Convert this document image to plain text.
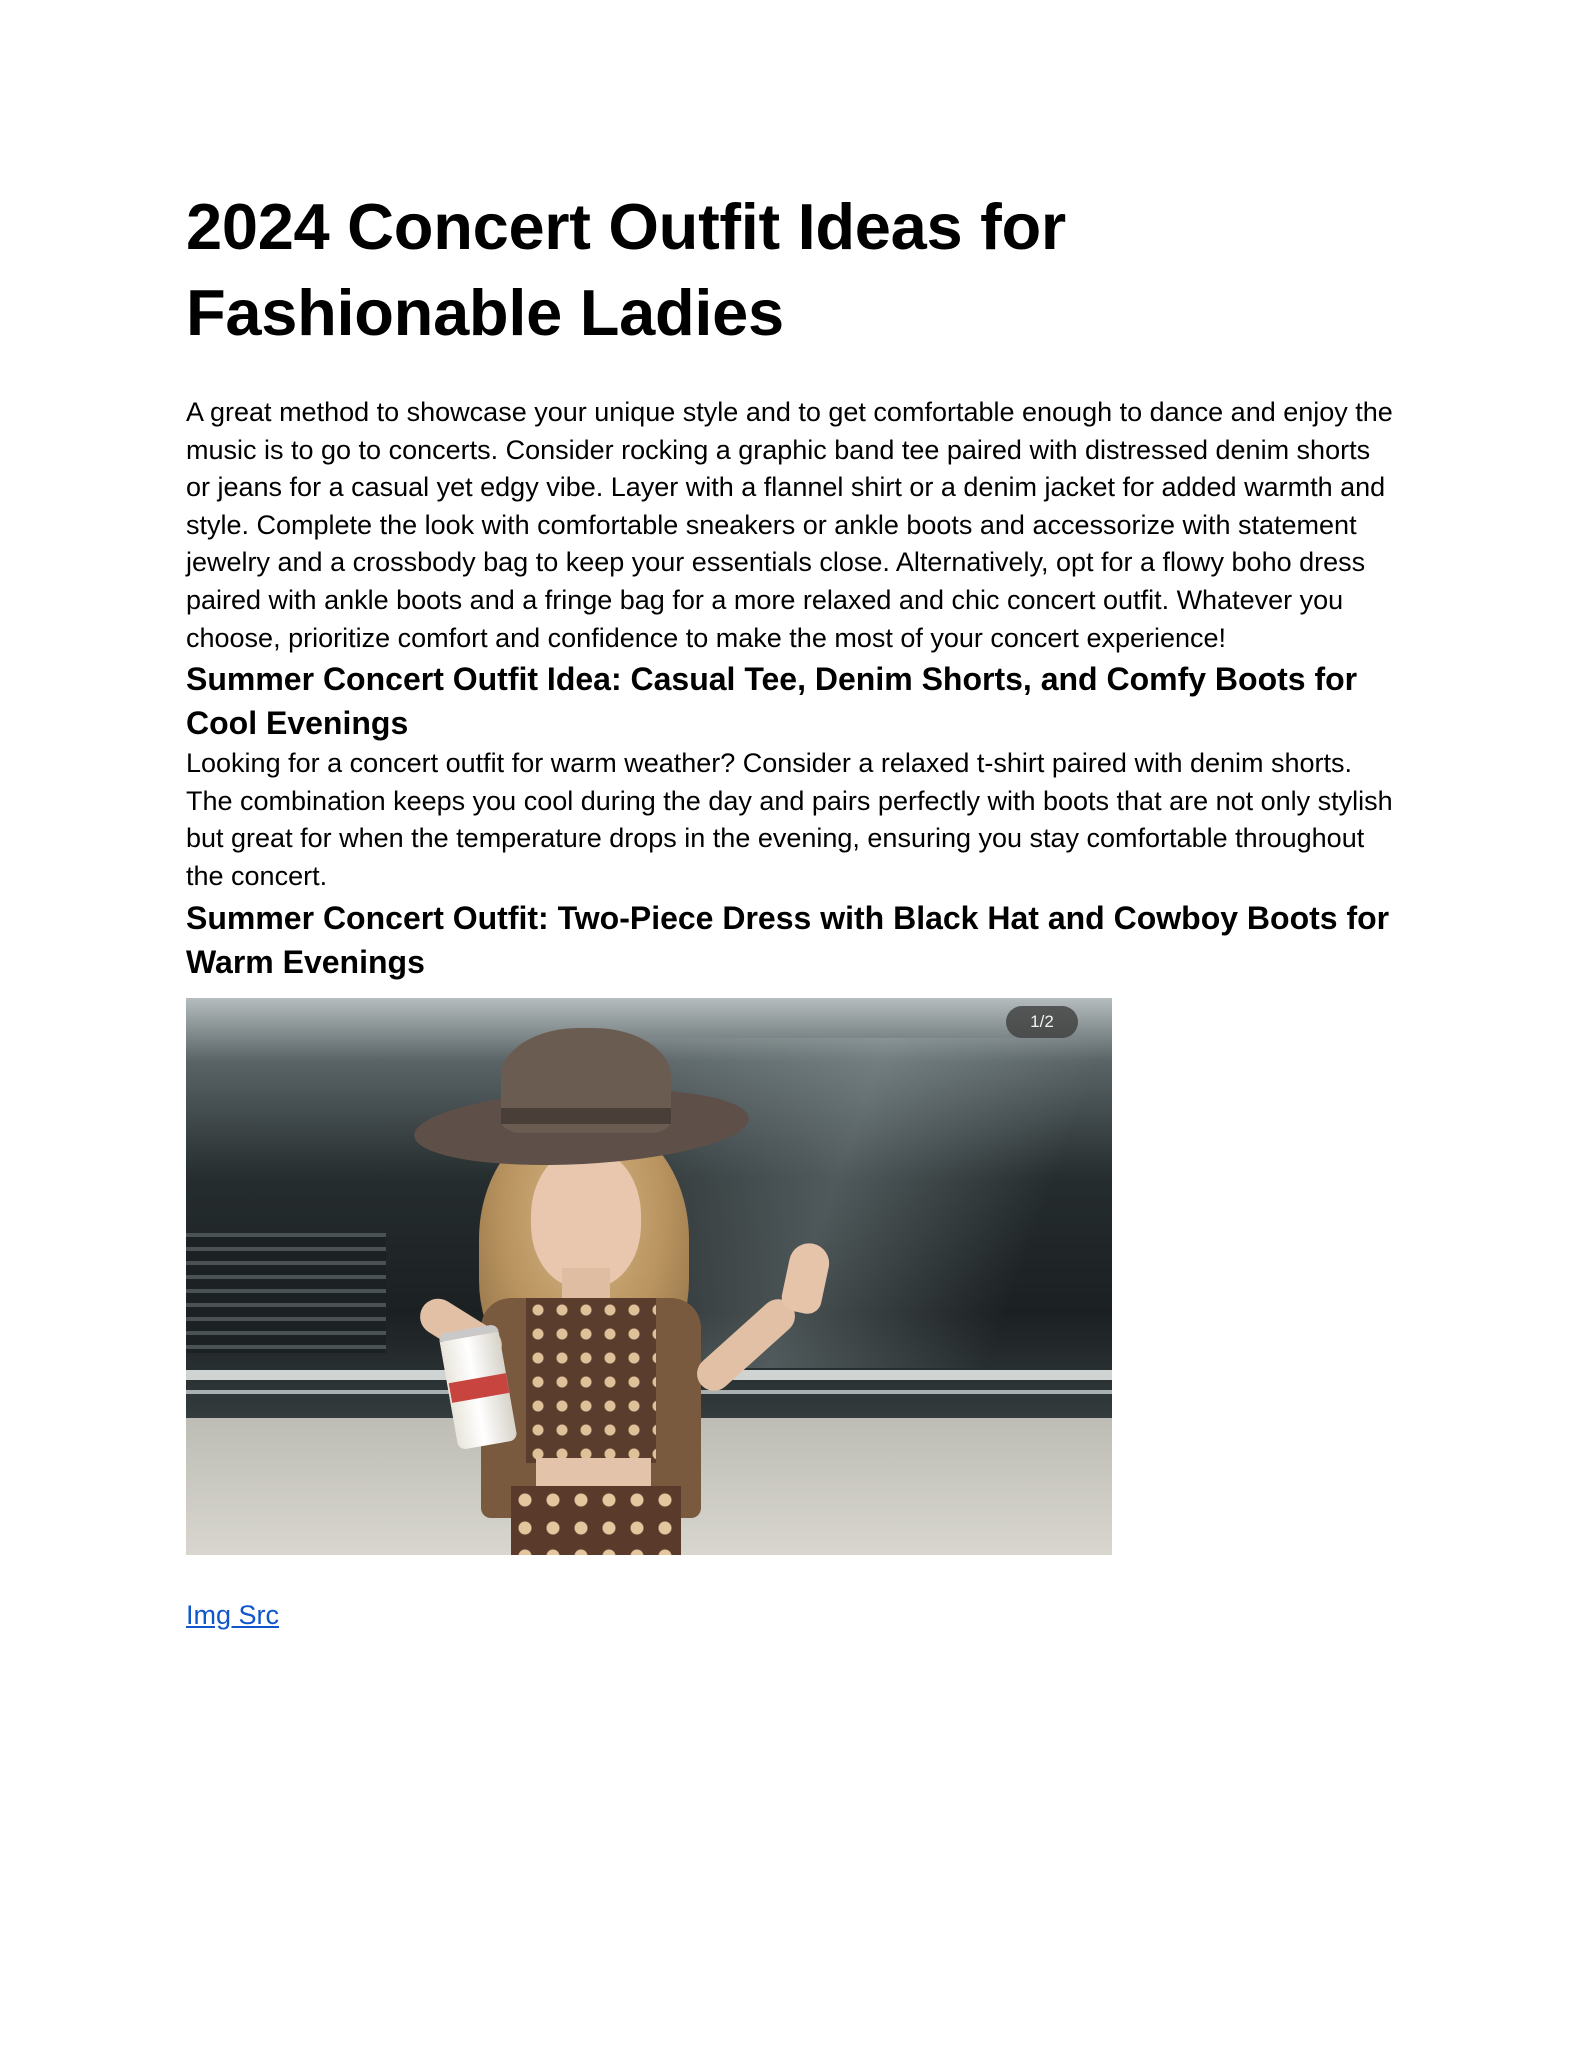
2024 Concert Outfit Ideas for Fashionable Ladies

A great method to showcase your unique style and to get comfortable enough to dance and enjoy the music is to go to concerts. Consider rocking a graphic band tee paired with distressed denim shorts or jeans for a casual yet edgy vibe. Layer with a flannel shirt or a denim jacket for added warmth and style. Complete the look with comfortable sneakers or ankle boots and accessorize with statement jewelry and a crossbody bag to keep your essentials close. Alternatively, opt for a flowy boho dress paired with ankle boots and a fringe bag for a more relaxed and chic concert outfit. Whatever you choose, prioritize comfort and confidence to make the most of your concert experience!

Summer Concert Outfit Idea: Casual Tee, Denim Shorts, and Comfy Boots for Cool Evenings

Looking for a concert outfit for warm weather? Consider a relaxed t-shirt paired with denim shorts. The combination keeps you cool during the day and pairs perfectly with boots that are not only stylish but great for when the temperature drops in the evening, ensuring you stay comfortable throughout the concert.

Summer Concert Outfit: Two-Piece Dress with Black Hat and Cowboy Boots for Warm Evenings
1/2
Img Src
